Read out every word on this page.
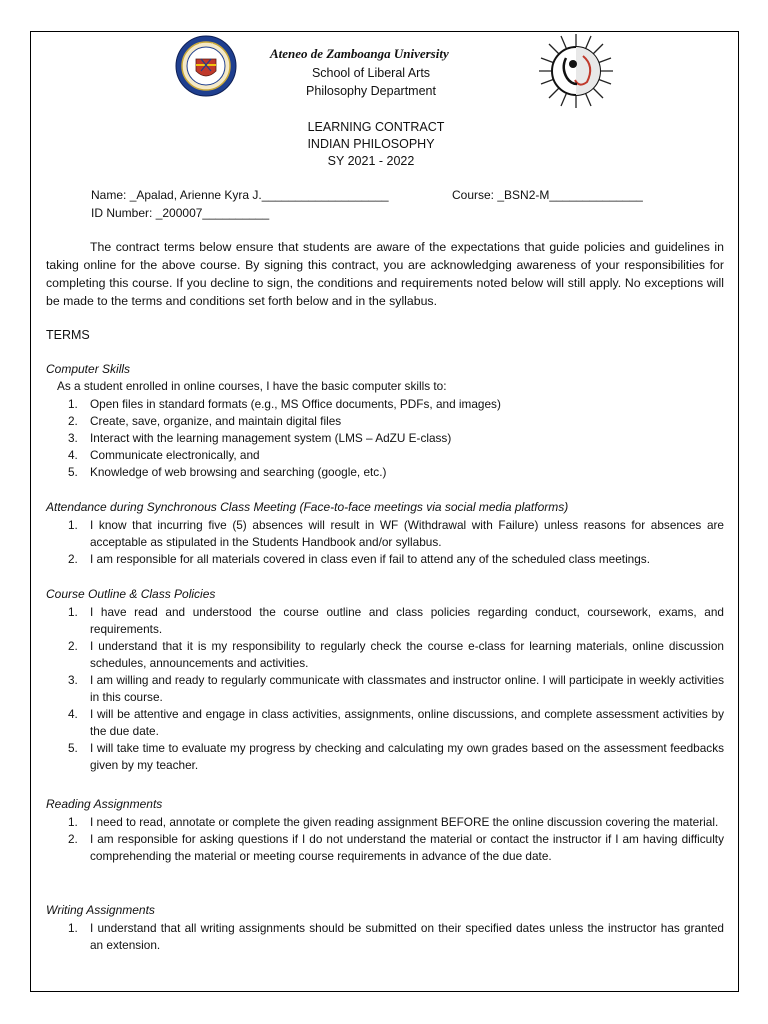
· · · · ·
Ateneo de Zamboanga University
School of Liberal Arts
Philosophy Department
LEARNING CONTRACT
INDIAN PHILOSOPHY
SY 2021 - 2022
Name: _Apalad, Arienne Kyra J.___________________	Course: _BSN2-M______________
ID Number: _200007__________

The contract terms below ensure that students are aware of the expectations that guide policies and guidelines in taking online for the above course. By signing this contract, you are acknowledging awareness of your responsibilities for completing this course. If you decline to sign, the conditions and requirements noted below will still apply. No exceptions will be made to the terms and conditions set forth below and in the syllabus.

TERMS
Computer Skills
As a student enrolled in online courses, I have the basic computer skills to:
1. Open files in standard formats (e.g., MS Office documents, PDFs, and images)
2. Create, save, organize, and maintain digital files
3. Interact with the learning management system (LMS – AdZU E-class)
4. Communicate electronically, and
5. Knowledge of web browsing and searching (google, etc.)
Attendance during Synchronous Class Meeting (Face-to-face meetings via social media platforms)
1. I know that incurring five (5) absences will result in WF (Withdrawal with Failure) unless reasons for absences are acceptable as stipulated in the Students Handbook and/or syllabus.
2. I am responsible for all materials covered in class even if fail to attend any of the scheduled class meetings.
Course Outline & Class Policies
1. I have read and understood the course outline and class policies regarding conduct, coursework, exams, and requirements.
2. I understand that it is my responsibility to regularly check the course e-class for learning materials, online discussion schedules, announcements and activities.
3. I am willing and ready to regularly communicate with classmates and instructor online. I will participate in weekly activities in this course.
4. I will be attentive and engage in class activities, assignments, online discussions, and complete assessment activities by the due date.
5. I will take time to evaluate my progress by checking and calculating my own grades based on the assessment feedbacks given by my teacher.
Reading Assignments
1. I need to read, annotate or complete the given reading assignment BEFORE the online discussion covering the material.
2. I am responsible for asking questions if I do not understand the material or contact the instructor if I am having difficulty comprehending the material or meeting course requirements in advance of the due date.
Writing Assignments
1. I understand that all writing assignments should be submitted on their specified dates unless the instructor has granted an extension.
